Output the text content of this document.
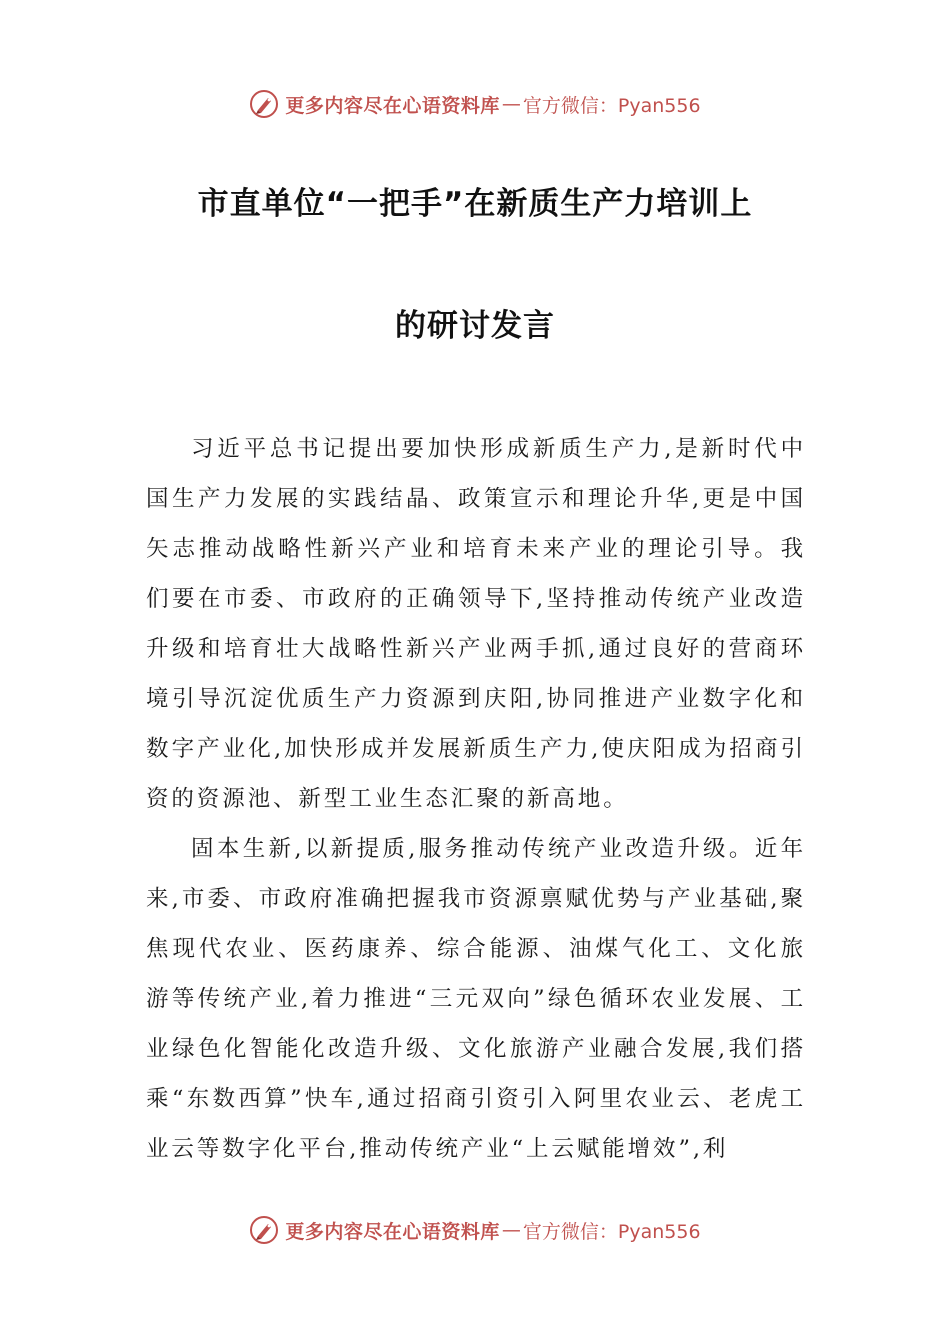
更多内容尽在心语资料库 — 官方微信：Pyan556
市直单位“一把手”在新质生产力培训上
的研讨发言

习近平总书记提出要加快形成新质生产力,是新时代中国生产力发展的实践结晶、政策宣示和理论升华,更是中国矢志推动战略性新兴产业和培育未来产业的理论引导。我们要在市委、市政府的正确领导下,坚持推动传统产业改造升级和培育壮大战略性新兴产业两手抓,通过良好的营商环境引导沉淀优质生产力资源到庆阳,协同推进产业数字化和数字产业化,加快形成并发展新质生产力,使庆阳成为招商引资的资源池、新型工业生态汇聚的新高地。

固本生新,以新提质,服务推动传统产业改造升级。近年来,市委、市政府准确把握我市资源禀赋优势与产业基础,聚焦现代农业、医药康养、综合能源、油煤气化工、文化旅游等传统产业,着力推进“三元双向”绿色循环农业发展、工业绿色化智能化改造升级、文化旅游产业融合发展,我们搭乘“东数西算”快车,通过招商引资引入阿里农业云、老虎工业云等数字化平台,推动传统产业“上云赋能增效”,利

更多内容尽在心语资料库 — 官方微信：Pyan556
